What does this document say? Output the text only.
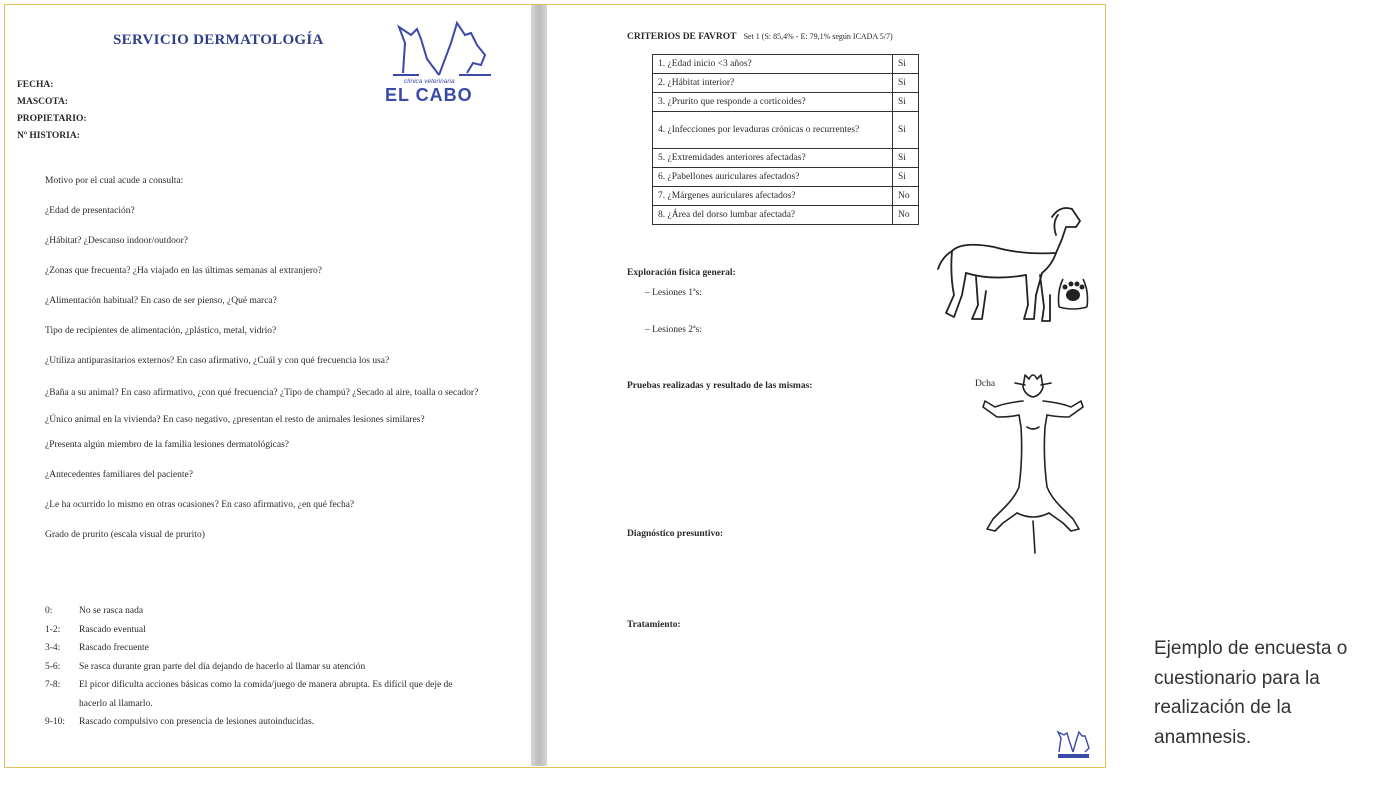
SERVICIO DERMATOLOGÍA
clínica veterinaria
EL CABO
FECHA:
MASCOTA:
PROPIETARIO:
Nº HISTORIA:
Motivo por el cual acude a consulta:
¿Edad de presentación?
¿Hábitat? ¿Descanso indoor/outdoor?
¿Zonas que frecuenta? ¿Ha viajado en las últimas semanas al extranjero?
¿Alimentación habitual? En caso de ser pienso, ¿Qué marca?
Tipo de recipientes de alimentación, ¿plástico, metal, vidrio?
¿Utiliza antiparasitarios externos? En caso afirmativo, ¿Cuál y con qué frecuencia los usa?
¿Baña a su animal? En caso afirmativo, ¿con qué frecuencia? ¿Tipo de champú? ¿Secado al aire, toalla o secador?
¿Único animal en la vivienda? En caso negativo, ¿presentan el resto de animales lesiones similares?
¿Presenta algún miembro de la familia lesiones dermatológicas?
¿Antecedentes familiares del paciente?
¿Le ha ocurrido lo mismo en otras ocasiones? En caso afirmativo, ¿en qué fecha?
Grado de prurito (escala visual de prurito)
0:	No se rasca nada
1-2:	Rascado eventual
3-4:	Rascado frecuente
5-6:	Se rasca durante gran parte del día dejando de hacerlo al llamar su atención
7-8:	El picor dificulta acciones básicas como la comida/juego de manera abrupta. Es difícil que deje de hacerlo al llamarlo.
9-10:	Rascado compulsivo con presencia de lesiones autoinducidas.
CRITERIOS DE FAVROT Set 1 (S: 85,4% - E: 79,1% según ICADA 5/7)
1. ¿Edad inicio <3 años?	Si
2. ¿Hábitat interior?	Si
3. ¿Prurito que responde a corticoides?	Si
4. ¿Infecciones por levaduras crónicas o recurrentes?	Si
5. ¿Extremidades anteriores afectadas?	Si
6. ¿Pabellones auriculares afectados?	Si
7. ¿Márgenes auriculares afectados?	No
8. ¿Área del dorso lumbar afectada?	No
Exploración física general:
– Lesiones 1ªs:
– Lesiones 2ªs:
Pruebas realizadas y resultado de las mismas:	Dcha
Diagnóstico presuntivo:
Tratamiento:
Ejemplo de encuesta o cuestionario para la realización de la anamnesis.
